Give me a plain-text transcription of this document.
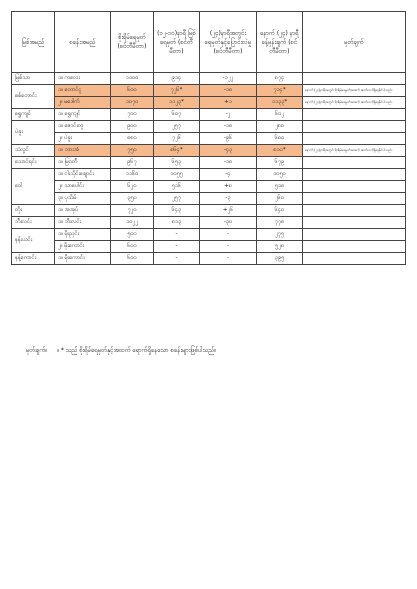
မြစ်အမည်	စခန်းအမည်	စိုးရိမ်ရေမှတ် (စင်တီမီတာ)	(၁၂-၁၀)နာရီ မြစ်ရေမှတ် (စင်တီမီတာ)	(၂၄)နာရီအတွင်း ရေမှတ်နှင့်ပြောင်းလဲမှု (စင်တီမီတာ)	နောက် (၂၄) နာရီ ခန့်မှန်းချက် (စင်တီမီတာ)	မှတ်ချက်
မြစ်သာ	၁။ ကလေး	၁၁၀၀	၉၁၄	-၁၂၂	၈၇၄	
စစ်တောင်း	၁။ တောင်ငူ	၆၀၀	၇၂၆*	-၁၈	၇၁၄*	နောက် (၂၄)နာရီအတွင်း စိုးရိမ်ရေမှတ်အထက် ဆက်လက်ရှိနေနိုင်ပါသည်။
	၂။ မဒေါက်	၁၀၇၀	၁၁၂၃*	+၁	၁၁၃၃*	နောက် (၂၄)နာရီအတွင်း စိုးရိမ်ရေမှတ်အထက် ဆက်လက်ရှိနေနိုင်ပါသည်။
ရွှေကျင်	၁။ ရွှေကျင်	၇၀၀	၆၀၇	-၂	၆၀၂	
ပဲခူး	၁။ ဇောင်းတူ	၉၀၀	၂၅၇	-၁၈	၂၈၀	
	၂။ ပဲခူး	၈၈၀	၇၂၆	-၉၆	၆၈၀	
သံလွင်	၁။ ဘားအံ	၇၅၀	၈၆၄*	-၄၃	၈၁၀*	နောက် (၂၄)နာရီအတွင်း စိုးရိမ်ရေမှတ်အထက် ဆက်လက်ရှိနေနိုင်ပါသည်။
သောင်ရင်း	၁။ မြဝတီ	၉၆၇	၆၅၃	-၁၈	၆၇၉	
ဝေါ	၁။ ငါးသိုင်းချောင်း	၁၁၆၀	၁၀၅၅	-၄	၁၀၅၀	
	၂။ သာပေါင်း	၆၂၀	၅၁၆	+၈	၅၁၈	
	၃။ ပုသိမ်	၃၅၀	၂၅၇	-၃	၂၆၀	
တိုး	၁။ အအုပ်	၇၂၀	၆၄၃	+၂၆	၆၄၀	
ဘီးလင်း	၁။ ဘီးလင်း	၁၀၂၂	၈၁၃	-၃၀	၇၇၈	
နန်းယင်း	၁။ မိုးညှင်း	၅၀၀	-	-	၂၇၅	
	၂။ မိုးကောင်း	၆၀၀	-	-	၅၂၈	
နန့်ကောင်း	၁။ မိုးကောင်း	၆၀၀	-	-	၃၉၅	
မှတ်ချက်။ ။ * သည် စိုးရိမ်ရေမှတ်နှင့်အထက် ရောက်ရှိနေသော စခန်းများဖြစ်ပါသည်။
